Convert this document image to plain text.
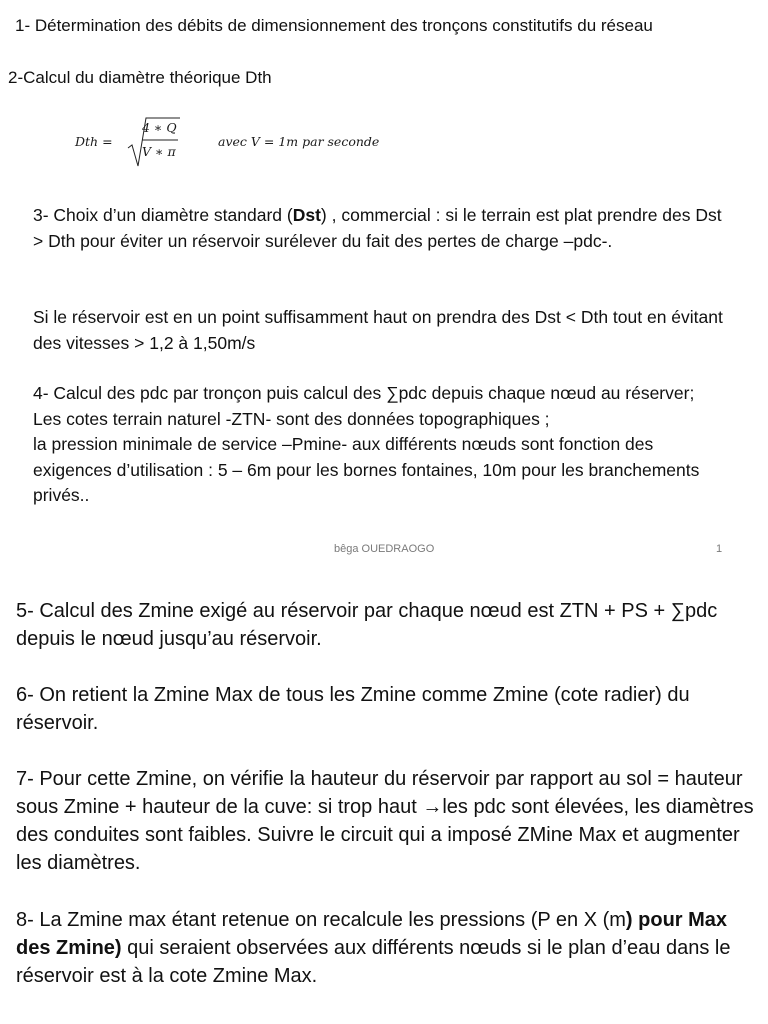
1- Détermination des débits de dimensionnement des tronçons constitutifs du réseau
2-Calcul du diamètre théorique Dth
Dth =
4 ∗ Q
V ∗ π
avec V = 1m par seconde
3- Choix d’un diamètre standard (Dst) , commercial : si le terrain est plat prendre des Dst > Dth pour éviter un réservoir surélever du fait des pertes de charge –pdc-.
Si le réservoir est en un point suffisamment haut on prendra des Dst < Dth tout en évitant des vitesses > 1,2 à 1,50m/s

4- Calcul des pdc par tronçon puis calcul des ∑pdc depuis chaque nœud au réserver;

Les cotes terrain naturel -ZTN- sont des données topographiques ;

la pression minimale de service –Pmine- aux différents nœuds sont fonction des exigences d’utilisation : 5 – 6m pour les bornes fontaines, 10m pour les branchements privés..

bêga OUEDRAOGO	1
5- Calcul des Zmine exigé au réservoir par chaque nœud est ZTN + PS + ∑pdc depuis le nœud jusqu’au réservoir.
6- On retient la Zmine Max de tous les Zmine comme Zmine (cote radier) du réservoir.
7- Pour cette Zmine, on vérifie la hauteur du réservoir par rapport au sol = hauteur sous Zmine + hauteur de la cuve: si trop haut →les pdc sont élevées, les diamètres des conduites sont faibles. Suivre le circuit qui a imposé ZMine Max et augmenter les diamètres.
8- La Zmine max étant retenue on recalcule les pressions (P en X (m) pour Max des Zmine) qui seraient observées aux différents nœuds si le plan d’eau dans le réservoir est à la cote Zmine Max.
